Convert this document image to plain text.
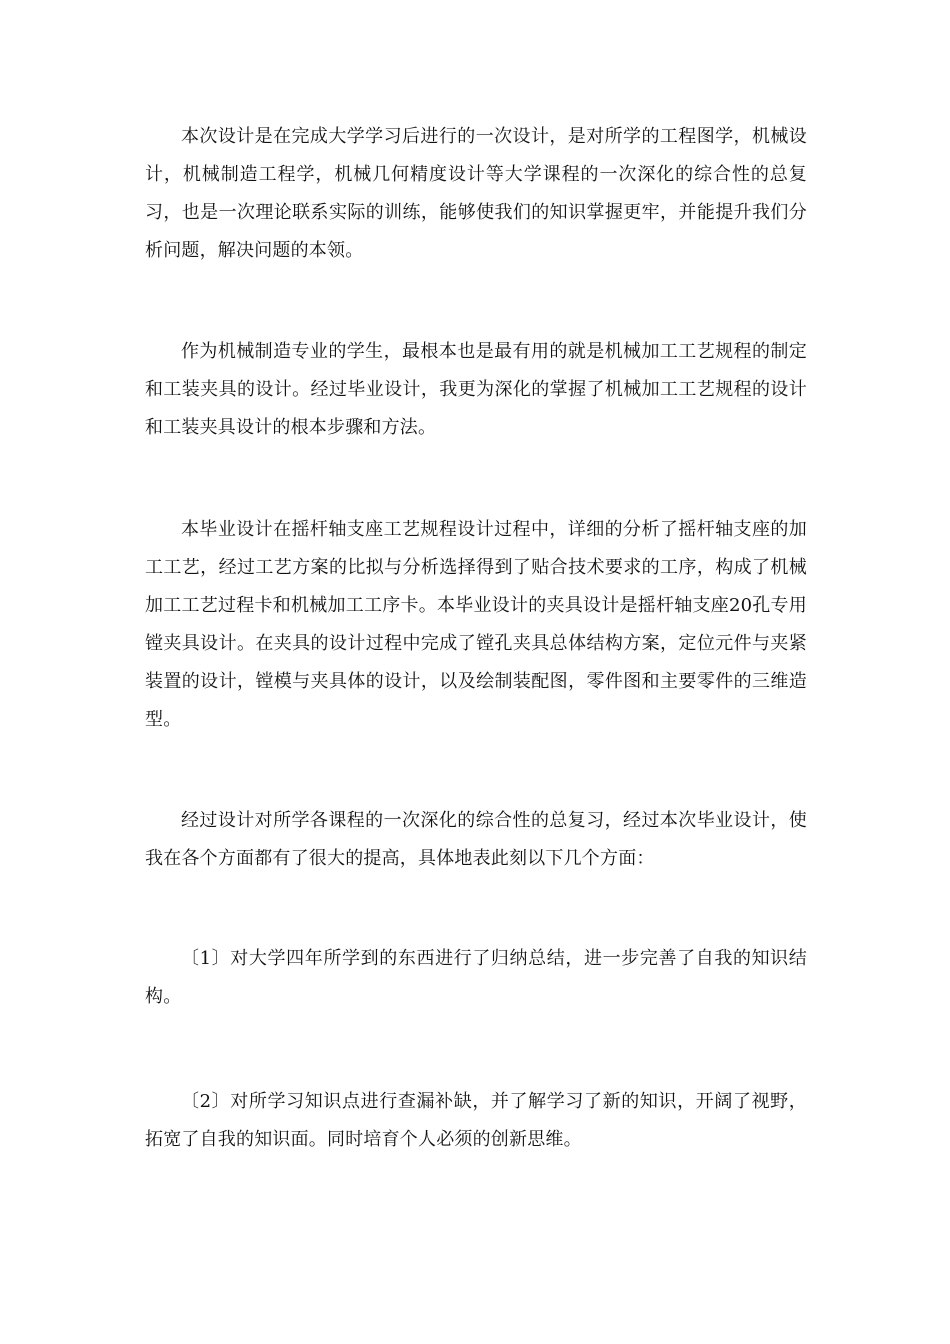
本次设计是在完成大学学习后进行的一次设计，是对所学的工程图学，机械设计，机械制造工程学，机械几何精度设计等大学课程的一次深化的综合性的总复习，也是一次理论联系实际的训练，能够使我们的知识掌握更牢，并能提升我们分析问题，解决问题的本领。

作为机械制造专业的学生，最根本也是最有用的就是机械加工工艺规程的制定和工装夹具的设计。经过毕业设计，我更为深化的掌握了机械加工工艺规程的设计和工装夹具设计的根本步骤和方法。

本毕业设计在摇杆轴支座工艺规程设计过程中，详细的分析了摇杆轴支座的加工工艺，经过工艺方案的比拟与分析选择得到了贴合技术要求的工序，构成了机械加工工艺过程卡和机械加工工序卡。本毕业设计的夹具设计是摇杆轴支座20孔专用镗夹具设计。在夹具的设计过程中完成了镗孔夹具总体结构方案，定位元件与夹紧装置的设计，镗模与夹具体的设计，以及绘制装配图，零件图和主要零件的三维造型。

经过设计对所学各课程的一次深化的综合性的总复习，经过本次毕业设计，使我在各个方面都有了很大的提高，具体地表此刻以下几个方面：

〔1〕对大学四年所学到的东西进行了归纳总结，进一步完善了自我的知识结构。

〔2〕对所学习知识点进行查漏补缺，并了解学习了新的知识，开阔了视野，拓宽了自我的知识面。同时培育个人必须的创新思维。
